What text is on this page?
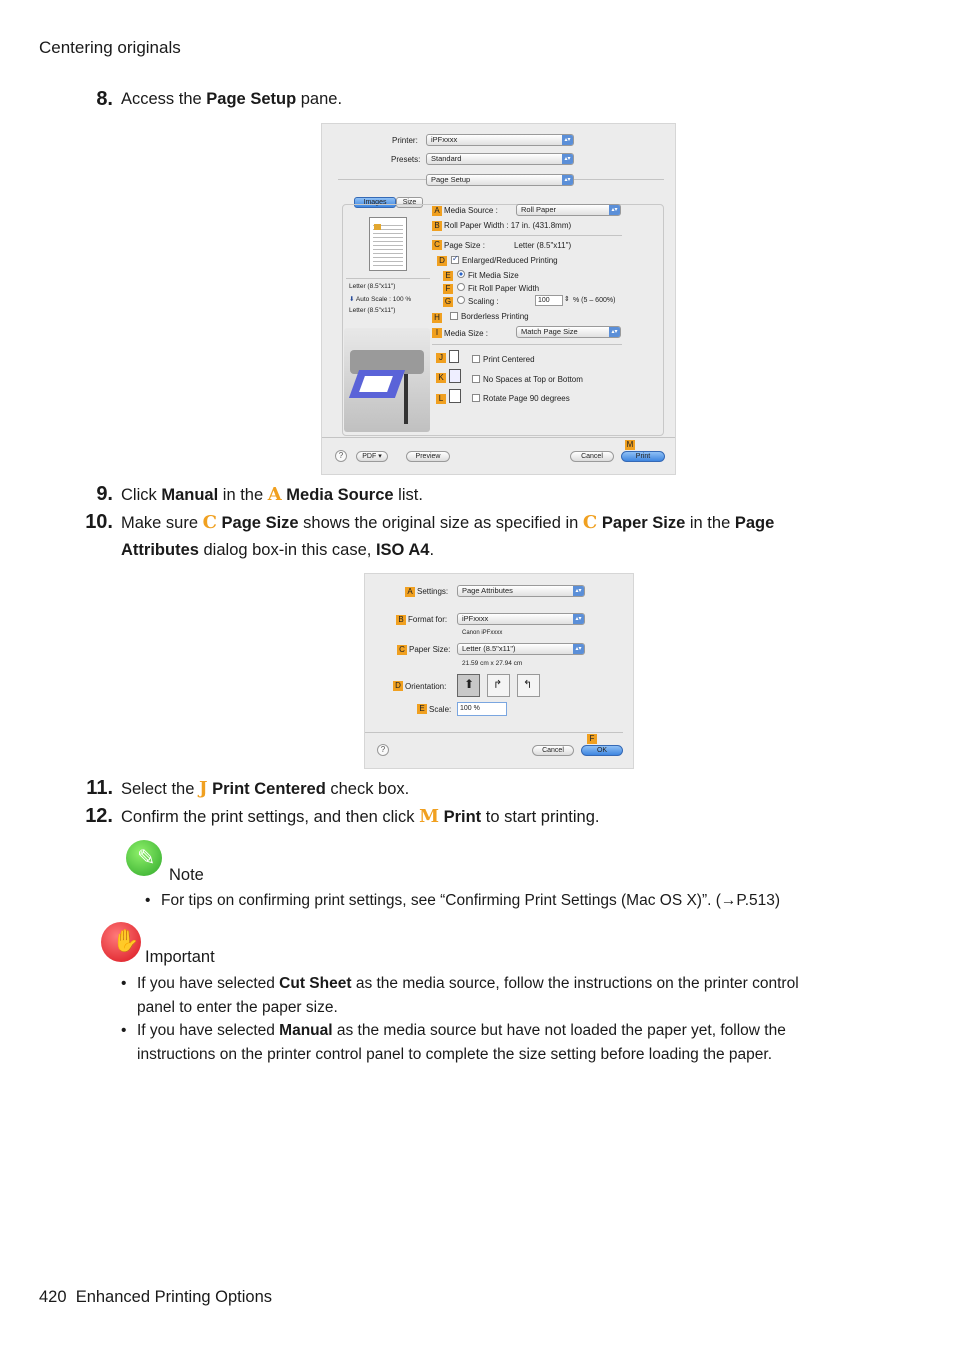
Centering originals
8. Access the Page Setup pane.
Printer:	iPFxxxx	▴▾
Presets:	Standard	▴▾
Page Setup	▴▾
Images	Size
Letter (8.5"x11")
⬇ Auto Scale : 100 %
Letter (8.5"x11")
A Media Source :	Roll Paper	▴▾
B Roll Paper Width : 17 in. (431.8mm)
C Page Size :	Letter (8.5"x11")
D
✓ Enlarged/Reduced Printing
E Fit Media Size
F	Fit Roll Paper Width
G Scaling :	100	⇕ % (5 – 600%)
H	Borderless Printing
I Media Size :	Match Page Size	▴▾
J	Print Centered
K	No Spaces at Top or Bottom
L	Rotate Page 90 degrees
M
?	PDF ▾	Preview	Cancel	Print
9. Click Manual in the A Media Source list.
10. Make sure C Page Size shows the original size as specified in C Paper Size in the Page
Attributes dialog box-in this case, ISO A4.
A Settings:	Page Attributes	▴▾
B Format for:	iPFxxxx	▴▾
Canon iPFxxxx
C Paper Size:	Letter (8.5"x11")	▴▾
21.59 cm x 27.94 cm
D Orientation: ⬆ ↱ ↰
E Scale:	100 %
F
?	Cancel	OK
11. Select the J Print Centered check box.
12. Confirm the print settings, and then click M Print to start printing.
✎
Note
• For tips on confirming print settings, see “Confirming Print Settings (Mac OS X)”. (→P.513)
✋
Important
• If you have selected Cut Sheet as the media source, follow the instructions on the printer control
panel to enter the paper size.
• If you have selected Manual as the media source but have not loaded the paper yet, follow the
instructions on the printer control panel to complete the size setting before loading the paper.
420 Enhanced Printing Options
